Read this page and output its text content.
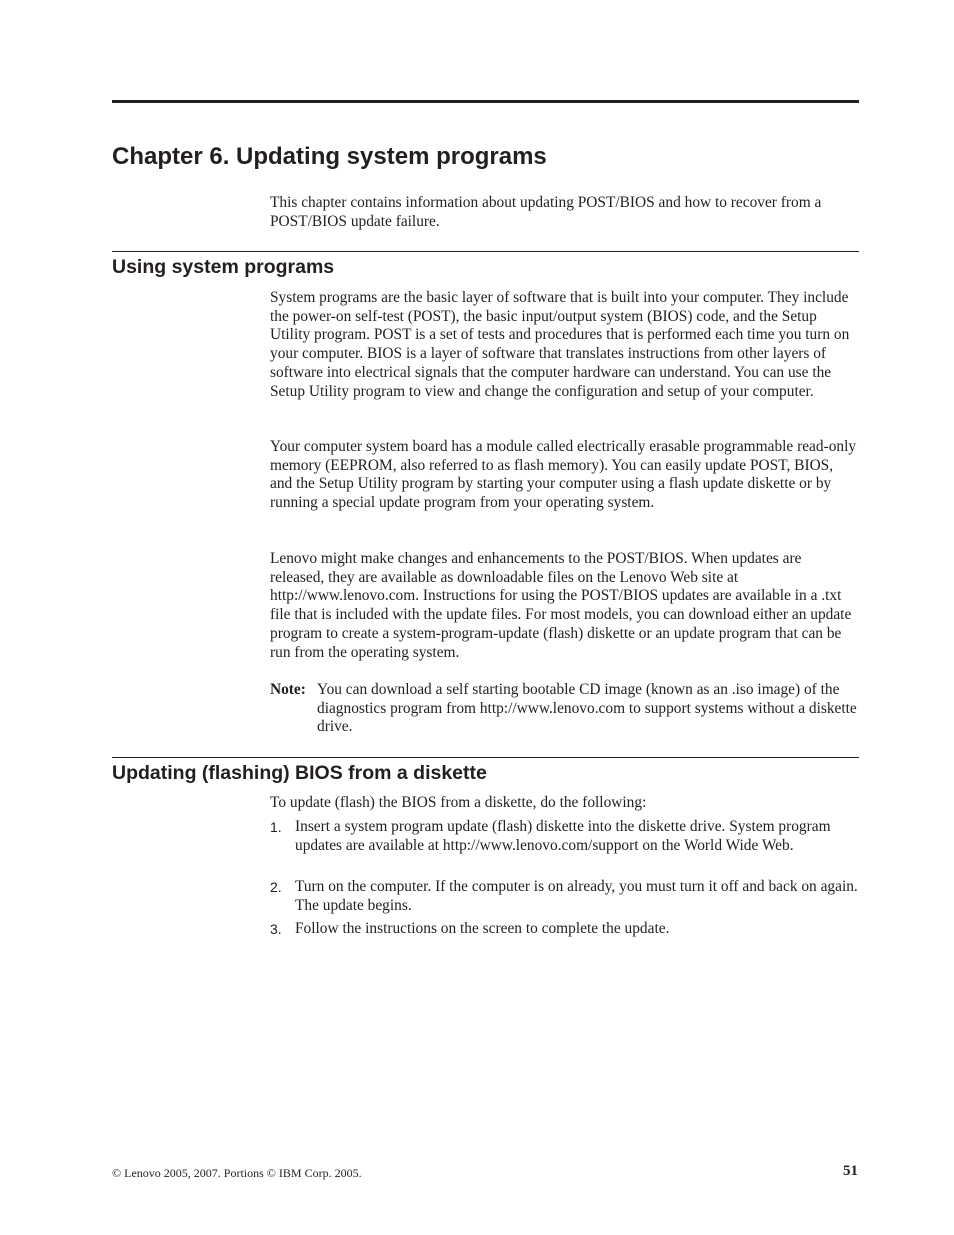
Chapter 6. Updating system programs

This chapter contains information about updating POST/BIOS and how to recover from a POST/BIOS update failure.

Using system programs

System programs are the basic layer of software that is built into your computer. They include the power-on self-test (POST), the basic input/output system (BIOS) code, and the Setup Utility program. POST is a set of tests and procedures that is performed each time you turn on your computer. BIOS is a layer of software that translates instructions from other layers of software into electrical signals that the computer hardware can understand. You can use the Setup Utility program to view and change the configuration and setup of your computer.

Your computer system board has a module called electrically erasable programmable read-only memory (EEPROM, also referred to as flash memory). You can easily update POST, BIOS, and the Setup Utility program by starting your computer using a flash update diskette or by running a special update program from your operating system.

Lenovo might make changes and enhancements to the POST/BIOS. When updates are released, they are available as downloadable files on the Lenovo Web site at http://www.lenovo.com. Instructions for using the POST/BIOS updates are available in a .txt file that is included with the update files. For most models, you can download either an update program to create a system-program-update (flash) diskette or an update program that can be run from the operating system.

Note: You can download a self starting bootable CD image (known as an .iso image) of the diagnostics program from http://www.lenovo.com to support systems without a diskette drive.
Updating (flashing) BIOS from a diskette

To update (flash) the BIOS from a diskette, do the following:

1. Insert a system program update (flash) diskette into the diskette drive. System program updates are available at http://www.lenovo.com/support on the World Wide Web.
2. Turn on the computer. If the computer is on already, you must turn it off and back on again. The update begins.
3. Follow the instructions on the screen to complete the update.
© Lenovo 2005, 2007. Portions © IBM Corp. 2005.	51
